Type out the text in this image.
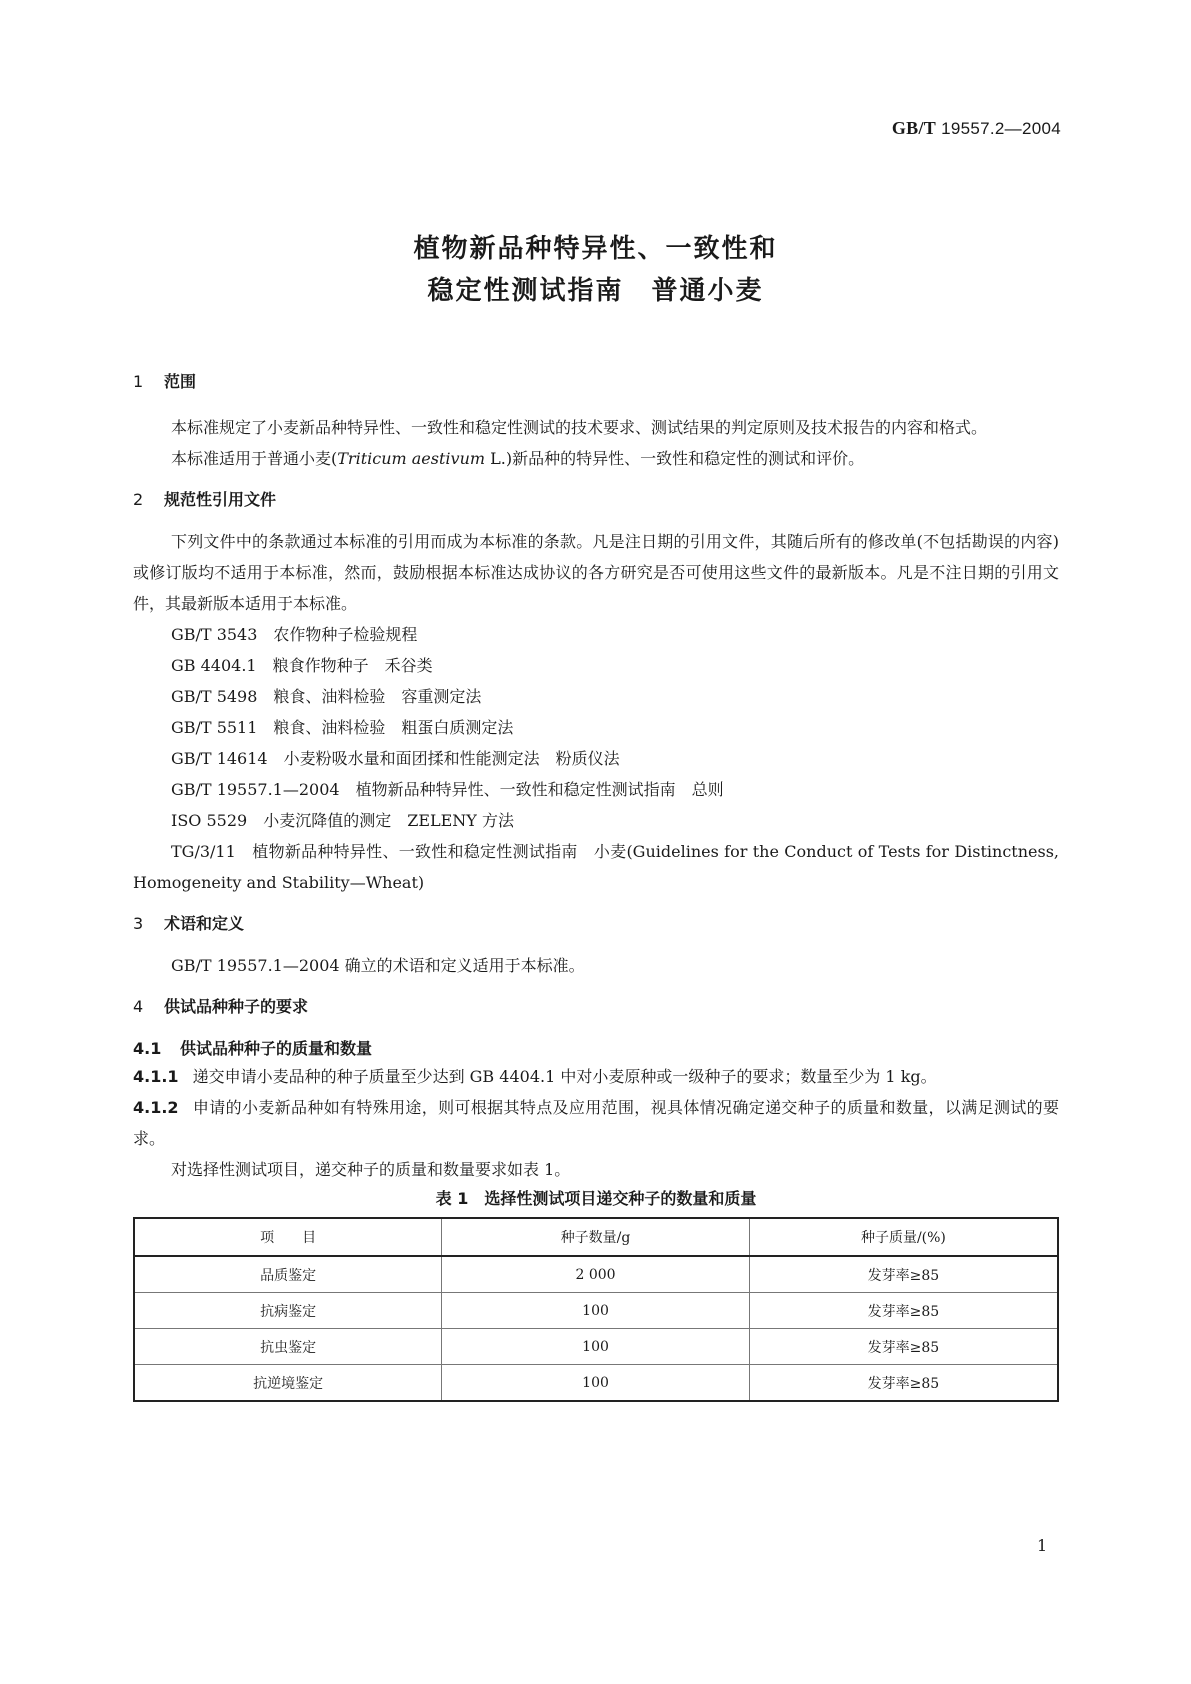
GB/T 19557.2—2004
植物新品种特异性、一致性和
稳定性测试指南　普通小麦
1 范围

本标准规定了小麦新品种特异性、一致性和稳定性测试的技术要求、测试结果的判定原则及技术报告的内容和格式。

本标准适用于普通小麦(Triticum aestivum L.)新品种的特异性、一致性和稳定性的测试和评价。

2 规范性引用文件

下列文件中的条款通过本标准的引用而成为本标准的条款。凡是注日期的引用文件，其随后所有的修改单(不包括勘误的内容)或修订版均不适用于本标准，然而，鼓励根据本标准达成协议的各方研究是否可使用这些文件的最新版本。凡是不注日期的引用文件，其最新版本适用于本标准。

GB/T 3543　农作物种子检验规程

GB 4404.1　粮食作物种子　禾谷类

GB/T 5498　粮食、油料检验　容重测定法

GB/T 5511　粮食、油料检验　粗蛋白质测定法

GB/T 14614　小麦粉吸水量和面团揉和性能测定法　粉质仪法

GB/T 19557.1—2004　植物新品种特异性、一致性和稳定性测试指南　总则

ISO 5529　小麦沉降值的测定　ZELENY 方法

TG/3/11　植物新品种特异性、一致性和稳定性测试指南　小麦(Guidelines for the Conduct of Tests for Distinctness, Homogeneity and Stability—Wheat)

3 术语和定义

GB/T 19557.1—2004 确立的术语和定义适用于本标准。

4 供试品种种子的要求
4.1 供试品种种子的质量和数量

4.1.1 递交申请小麦品种的种子质量至少达到 GB 4404.1 中对小麦原种或一级种子的要求；数量至少为 1 kg。

4.1.2 申请的小麦新品种如有特殊用途，则可根据其特点及应用范围，视具体情况确定递交种子的质量和数量，以满足测试的要求。

对选择性测试项目，递交种子的质量和数量要求如表 1。

表 1　选择性测试项目递交种子的数量和质量
项　　目	种子数量/g	种子质量/(%)
品质鉴定	2 000	发芽率≥85
抗病鉴定	100	发芽率≥85
抗虫鉴定	100	发芽率≥85
抗逆境鉴定	100	发芽率≥85
1
